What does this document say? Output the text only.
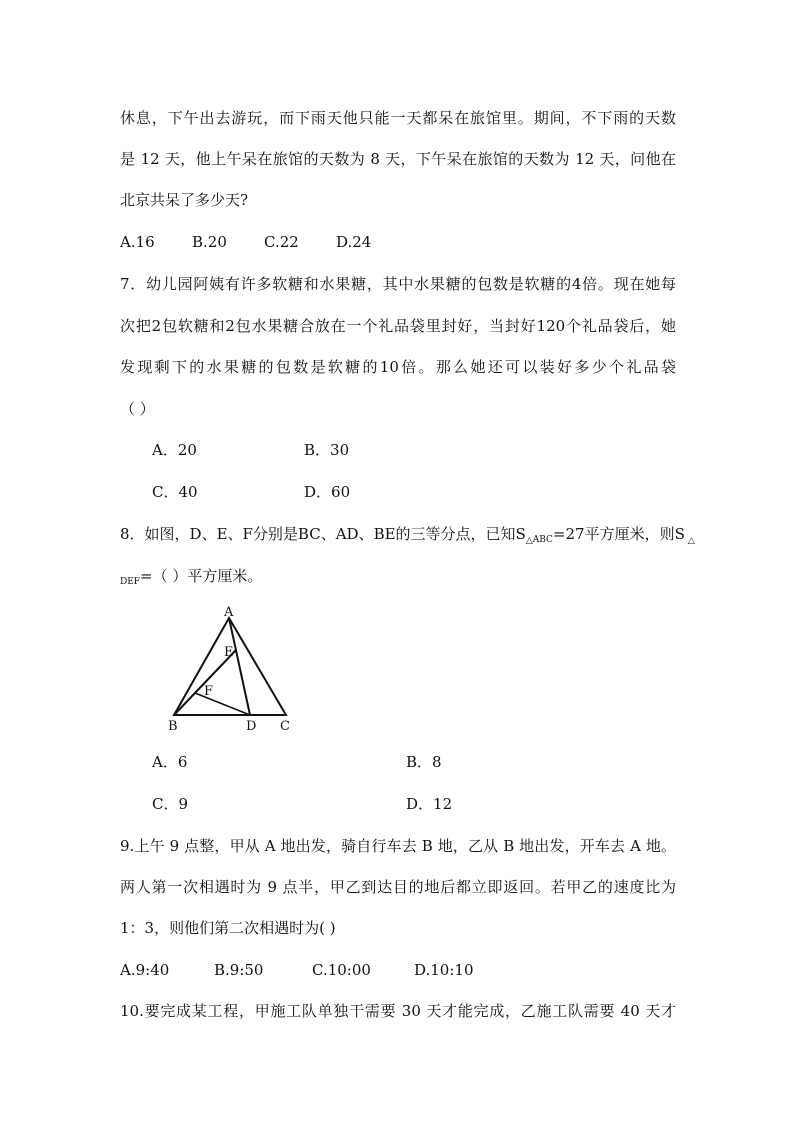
休息，下午出去游玩，而下雨天他只能一天都呆在旅馆里。期间，不下雨的天数
是 12 天，他上午呆在旅馆的天数为 8 天，下午呆在旅馆的天数为 12 天，问他在
北京共呆了多少天?
A.16 B.20 C.22 D.24
7．幼儿园阿姨有许多软糖和水果糖，其中水果糖的包数是软糖的4倍。现在她每
次把2包软糖和2包水果糖合放在一个礼品袋里封好，当封好120个礼品袋后，她
发现剩下的水果糖的包数是软糖的10倍。那么她还可以装好多少个礼品袋
（ ）
A．20	B．30
C．40	D．60
8．如图，D、E、F分别是BC、AD、BE的三等分点，已知$S_{\triangle ABC}=27$平方厘米，则S $_\triangle$
$_{DEF}$=（ ）平方厘米。
A
E
F
B	D C
A．6	B．8
C．9	D．12
9.上午 9 点整，甲从 A 地出发，骑自行车去 B 地，乙从 B 地出发，开车去 A 地。
两人第一次相遇时为 9 点半，甲乙到达目的地后都立即返回。若甲乙的速度比为
1：3，则他们第二次相遇时为( )
A.9:40	B.9:50	C.10:00	D.10:10
10.要完成某工程，甲施工队单独干需要 30 天才能完成，乙施工队需要 40 天才
